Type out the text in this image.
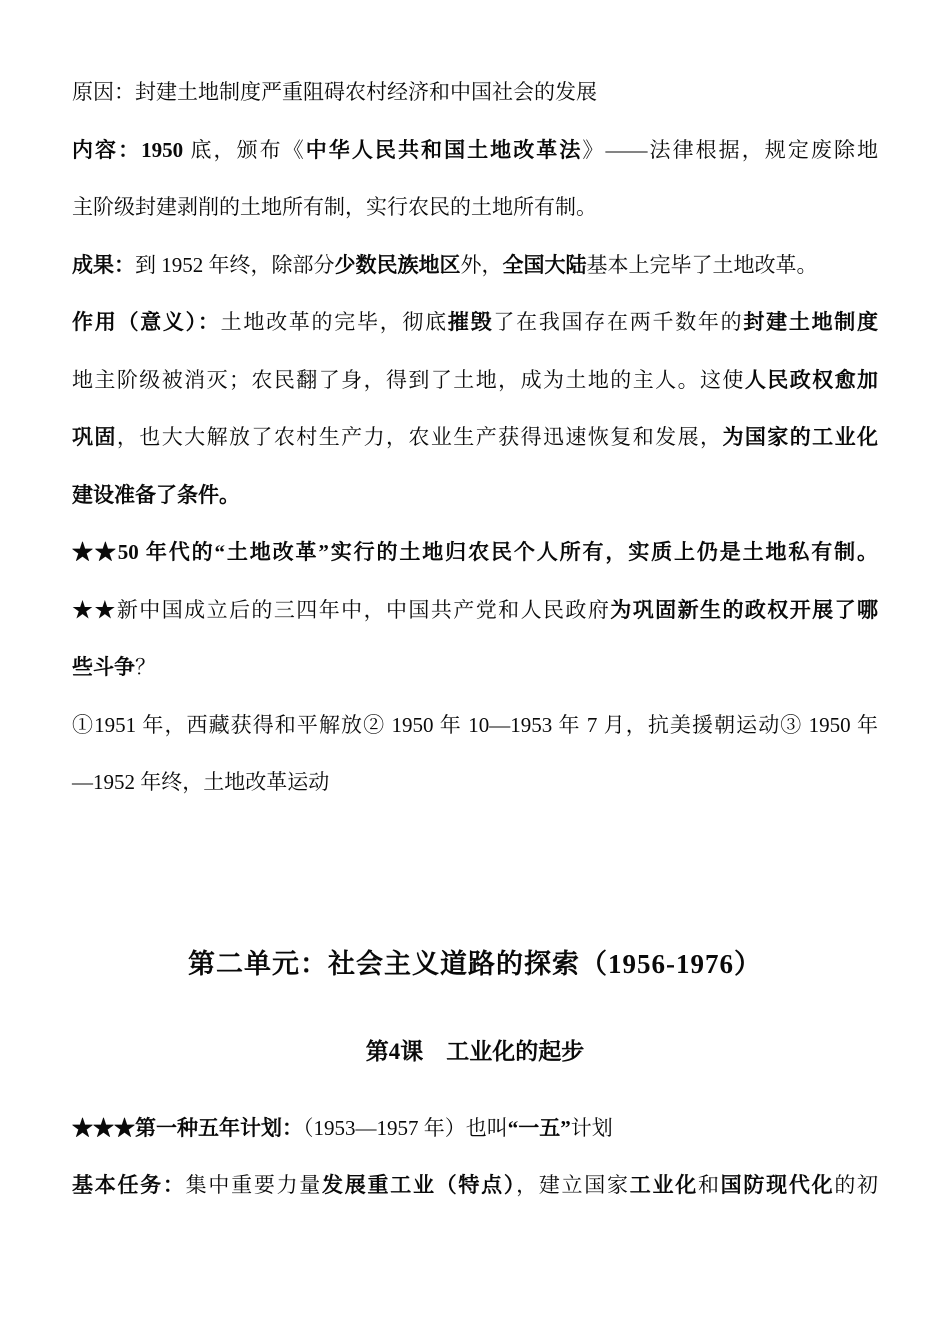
原因：封建土地制度严重阻碍农村经济和中国社会的发展
内容：1950 底，颁布《中华人民共和国土地改革法》——法律根据，规定废除地
主阶级封建剥削的土地所有制，实行农民的土地所有制。
成果：到 1952 年终，除部分少数民族地区外，全国大陆基本上完毕了土地改革。
作用（意义）：土地改革的完毕，彻底摧毁了在我国存在两千数年的封建土地制度
地主阶级被消灭；农民翻了身，得到了土地，成为土地的主人。这使人民政权愈加
巩固，也大大解放了农村生产力，农业生产获得迅速恢复和发展，为国家的工业化
建设准备了条件。
★★50 年代的“土地改革”实行的土地归农民个人所有，实质上仍是土地私有制。
★★新中国成立后的三四年中，中国共产党和人民政府为巩固新生的政权开展了哪
些斗争？
①1951 年，西藏获得和平解放② 1950 年 10—1953 年 7 月，抗美援朝运动③ 1950 年
—1952 年终，土地改革运动
第二单元：社会主义道路的探索（1956-1976）
第4课　工业化的起步
★★★第一种五年计划：（1953—1957 年）也叫“一五”计划
基本任务：集中重要力量发展重工业（特点），建立国家工业化和国防现代化的初
